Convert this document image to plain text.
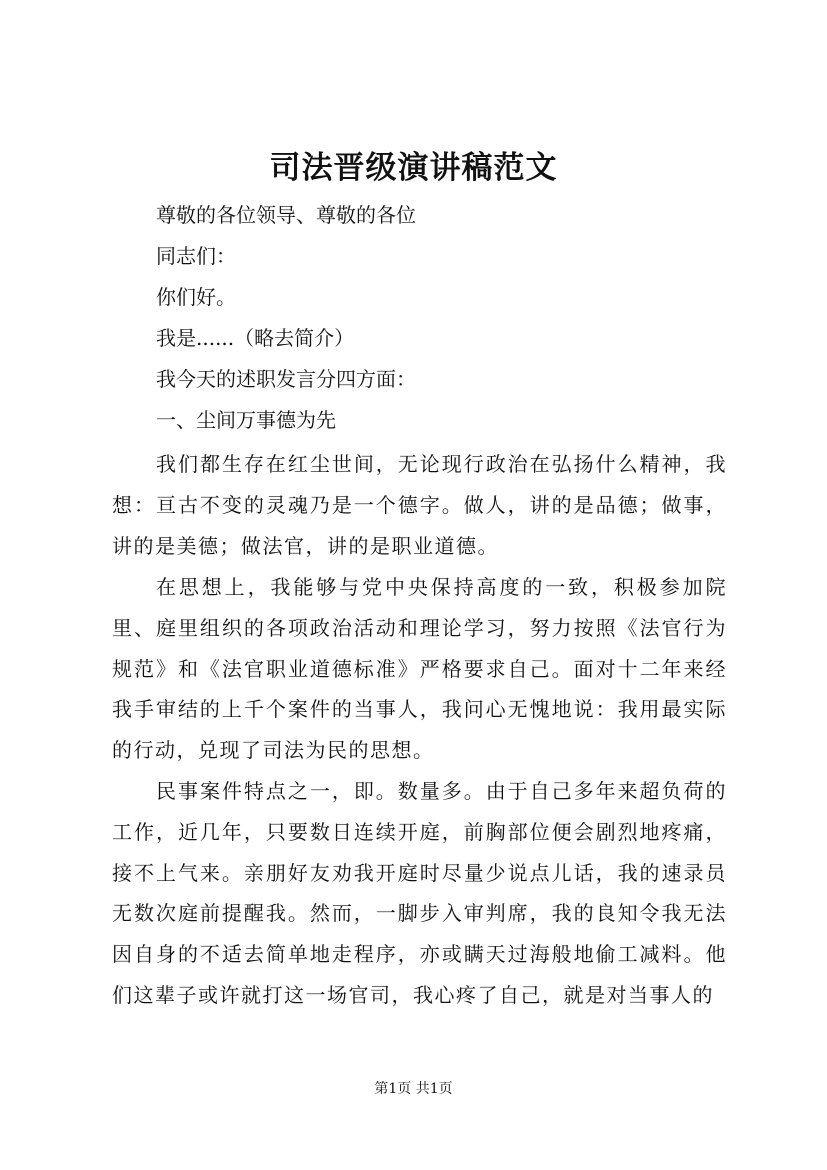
司法晋级演讲稿范文
尊敬的各位领导、尊敬的各位
同志们：
你们好。
我是......（略去简介）
我今天的述职发言分四方面：
一、尘间万事德为先
我们都生存在红尘世间，无论现行政治在弘扬什么精神，我想：亘古不变的灵魂乃是一个德字。做人，讲的是品德；做事，讲的是美德；做法官，讲的是职业道德。
在思想上，我能够与党中央保持高度的一致，积极参加院里、庭里组织的各项政治活动和理论学习，努力按照《法官行为规范》和《法官职业道德标准》严格要求自己。面对十二年来经我手审结的上千个案件的当事人，我问心无愧地说：我用最实际的行动，兑现了司法为民的思想。
民事案件特点之一，即。数量多。由于自己多年来超负荷的工作，近几年，只要数日连续开庭，前胸部位便会剧烈地疼痛，接不上气来。亲朋好友劝我开庭时尽量少说点儿话，我的速录员无数次庭前提醒我。然而，一脚步入审判席，我的良知令我无法因自身的不适去简单地走程序，亦或瞒天过海般地偷工减料。他们这辈子或许就打这一场官司，我心疼了自己，就是对当事人的
第1页 共1页
